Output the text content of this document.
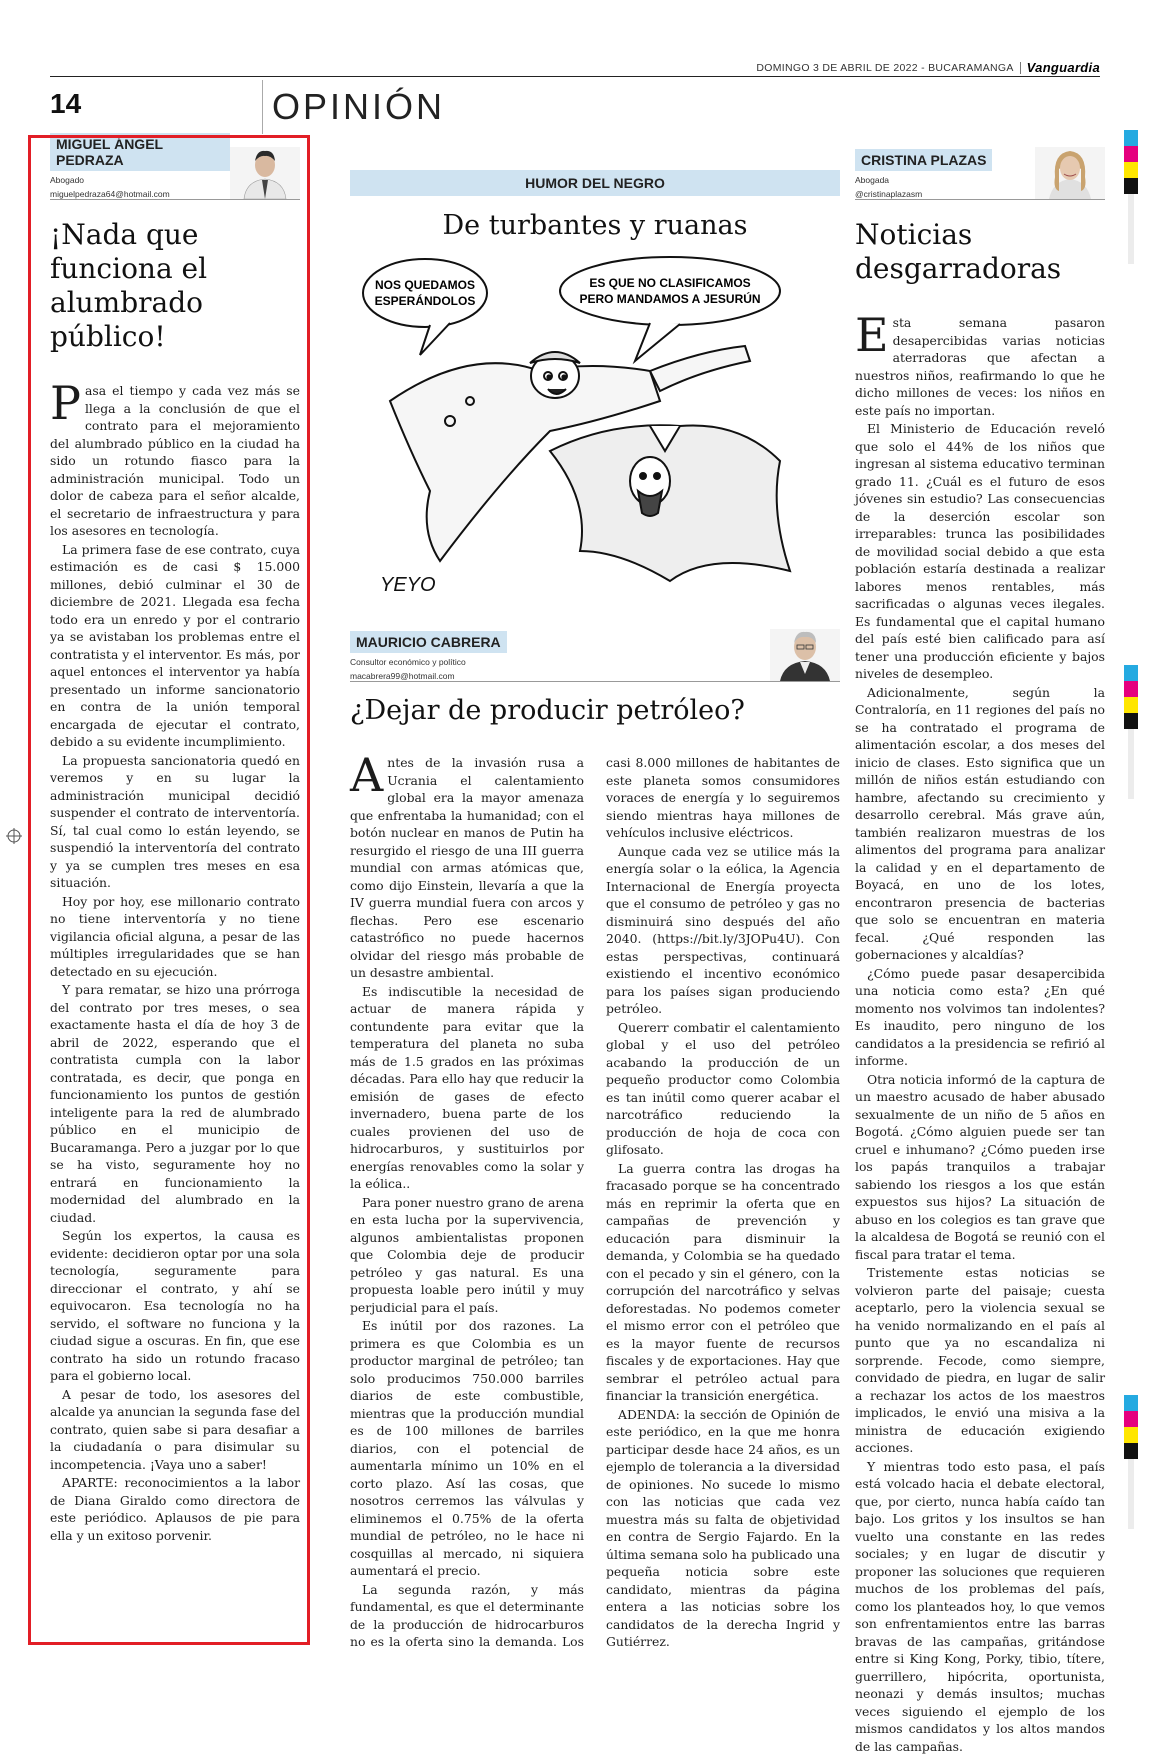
DOMINGO 3 DE ABRIL DE 2022 - BUCARAMANGA Vanguardia
14	OPINIÓN
MIGUEL ÁNGEL PEDRAZA
Abogado
miguelpedraza64@hotmail.com
¡Nada que funciona el alumbrado público!

Pasa el tiempo y cada vez más se llega a la conclusión de que el contrato para el mejoramiento del alumbrado público en la ciudad ha sido un rotundo fiasco para la administración municipal. Todo un dolor de cabeza para el señor alcalde, el secretario de infraestructura y para los asesores en tecnología.

La primera fase de ese contrato, cuya estimación es de casi $ 15.000 millones, debió culminar el 30 de diciembre de 2021. Llegada esa fecha todo era un enredo y por el contrario ya se avistaban los problemas entre el contratista y el interventor. Es más, por aquel entonces el interventor ya había presentado un informe sancionatorio en contra de la unión temporal encargada de ejecutar el contrato, debido a su evidente incumplimiento.

La propuesta sancionatoria quedó en veremos y en su lugar la administración municipal decidió suspender el contrato de interventoría. Sí, tal cual como lo están leyendo, se suspendió la interventoría del contrato y ya se cumplen tres meses en esa situación.

Hoy por hoy, ese millonario contrato no tiene interventoría y no tiene vigilancia oficial alguna, a pesar de las múltiples irregularidades que se han detectado en su ejecución.

Y para rematar, se hizo una prórroga del contrato por tres meses, o sea exactamente hasta el día de hoy 3 de abril de 2022, esperando que el contratista cumpla con la labor contratada, es decir, que ponga en funcionamiento los puntos de gestión inteligente para la red de alumbrado público en el municipio de Bucaramanga. Pero a juzgar por lo que se ha visto, seguramente hoy no entrará en funcionamiento la modernidad del alumbrado en la ciudad.

Según los expertos, la causa es evidente: decidieron optar por una sola tecnología, seguramente para direccionar el contrato, y ahí se equivocaron. Esa tecnología no ha servido, el software no funciona y la ciudad sigue a oscuras. En fin, que ese contrato ha sido un rotundo fracaso para el gobierno local.

A pesar de todo, los asesores del alcalde ya anuncian la segunda fase del contrato, quien sabe si para desafiar a la ciudadanía o para disimular su incompetencia. ¡Vaya uno a saber!

APARTE: reconocimientos a la labor de Diana Giraldo como directora de este periódico. Aplausos de pie para ella y un exitoso porvenir.

HUMOR DEL NEGRO
De turbantes y ruanas
NOS QUEDAMOS
ESPERÁNDOLOS
ES QUE NO CLASIFICAMOS
PERO MANDAMOS A JESURÚN
YEYO
MAURICIO CABRERA
Consultor económico y político
macabrera99@hotmail.com
¿Dejar de producir petróleo?

Antes de la invasión rusa a Ucrania el calentamiento global era la mayor amenaza que enfrentaba la humanidad; con el botón nuclear en manos de Putin ha resurgido el riesgo de una III guerra mundial con armas atómicas que, como dijo Einstein, llevaría a que la IV guerra mundial fuera con arcos y flechas. Pero ese escenario catastrófico no puede hacernos olvidar del riesgo más probable de un desastre ambiental.

Es indiscutible la necesidad de actuar de manera rápida y contundente para evitar que la temperatura del planeta no suba más de 1.5 grados en las próximas décadas. Para ello hay que reducir la emisión de gases de efecto invernadero, buena parte de los cuales provienen del uso de hidrocarburos, y sustituirlos por energías renovables como la solar y la eólica..

Para poner nuestro grano de arena en esta lucha por la supervivencia, algunos ambientalistas proponen que Colombia deje de producir petróleo y gas natural. Es una propuesta loable pero inútil y muy perjudicial para el país.

Es inútil por dos razones. La primera es que Colombia es un productor marginal de petróleo; tan solo producimos 750.000 barriles diarios de este combustible, mientras que la producción mundial es de 100 millones de barriles diarios, con el potencial de aumentarla mínimo un 10% en el corto plazo. Así las cosas, que nosotros cerremos las válvulas y eliminemos el 0.75% de la oferta mundial de petróleo, no le hace ni cosquillas al mercado, ni siquiera aumentará el precio.

La segunda razón, y más fundamental, es que el determinante de la producción de hidrocarburos no es la oferta sino la demanda. Los casi 8.000 millones de habitantes de este planeta somos consumidores voraces de energía y lo seguiremos siendo mientras haya millones de vehículos inclusive eléctricos.

Aunque cada vez se utilice más la energía solar o la eólica, la Agencia Internacional de Energía proyecta que el consumo de petróleo y gas no disminuirá sino después del año 2040. (https://bit.ly/3JOPu4U). Con estas perspectivas, continuará existiendo el incentivo económico para los países sigan produciendo petróleo.

Quererr combatir el calentamiento global y el uso del petróleo acabando la producción de un pequeño productor como Colombia es tan inútil como querer acabar el narcotráfico reduciendo la producción de hoja de coca con glifosato.

La guerra contra las drogas ha fracasado porque se ha concentrado más en reprimir la oferta que en campañas de prevención y educación para disminuir la demanda, y Colombia se ha quedado con el pecado y sin el género, con la corrupción del narcotráfico y selvas deforestadas. No podemos cometer el mismo error con el petróleo que es la mayor fuente de recursos fiscales y de exportaciones. Hay que sembrar el petróleo actual para financiar la transición energética.

ADENDA: la sección de Opinión de este periódico, en la que me honra participar desde hace 24 años, es un ejemplo de tolerancia a la diversidad de opiniones. No sucede lo mismo con las noticias que cada vez muestra más su falta de objetividad en contra de Sergio Fajardo. En la última semana solo ha publicado una pequeña noticia sobre este candidato, mientras da página entera a las noticias sobre los candidatos de la derecha Ingrid y Gutiérrez.

CRISTINA PLAZAS
Abogada
@cristinaplazasm
Noticias desgarradoras

Esta semana pasaron desapercibidas varias noticias aterradoras que afectan a nuestros niños, reafirmando lo que he dicho millones de veces: los niños en este país no importan.

El Ministerio de Educación reveló que solo el 44% de los niños que ingresan al sistema educativo terminan grado 11. ¿Cuál es el futuro de esos jóvenes sin estudio? Las consecuencias de la deserción escolar son irreparables: trunca las posibilidades de movilidad social debido a que esta población estaría destinada a realizar labores menos rentables, más sacrificadas o algunas veces ilegales. Es fundamental que el capital humano del país esté bien calificado para así tener una producción eficiente y bajos niveles de desempleo.

Adicionalmente, según la Contraloría, en 11 regiones del país no se ha contratado el programa de alimentación escolar, a dos meses del inicio de clases. Esto significa que un millón de niños están estudiando con hambre, afectando su crecimiento y desarrollo cerebral. Más grave aún, también realizaron muestras de los alimentos del programa para analizar la calidad y en el departamento de Boyacá, en uno de los lotes, encontraron presencia de bacterias que solo se encuentran en materia fecal. ¿Qué responden las gobernaciones y alcaldías?

¿Cómo puede pasar desapercibida una noticia como esta? ¿En qué momento nos volvimos tan indolentes? Es inaudito, pero ninguno de los candidatos a la presidencia se refirió al informe.

Otra noticia informó de la captura de un maestro acusado de haber abusado sexualmente de un niño de 5 años en Bogotá. ¿Cómo alguien puede ser tan cruel e inhumano? ¿Cómo pueden irse los papás tranquilos a trabajar sabiendo los riesgos a los que están expuestos sus hijos? La situación de abuso en los colegios es tan grave que la alcaldesa de Bogotá se reunió con el fiscal para tratar el tema.

Tristemente estas noticias se volvieron parte del paisaje; cuesta aceptarlo, pero la violencia sexual se ha venido normalizando en el país al punto que ya no escandaliza ni sorprende. Fecode, como siempre, convidado de piedra, en lugar de salir a rechazar los actos de los maestros implicados, le envió una misiva a la ministra de educación exigiendo acciones.

Y mientras todo esto pasa, el país está volcado hacia el debate electoral, que, por cierto, nunca había caído tan bajo. Los gritos y los insultos se han vuelto una constante en las redes sociales; y en lugar de discutir y proponer las soluciones que requieren muchos de los problemas del país, como los planteados hoy, lo que vemos son enfrentamientos entre las barras bravas de las campañas, gritándose entre si King Kong, Porky, tibio, títere, guerrillero, hipócrita, oportunista, neonazi y demás insultos; muchas veces siguiendo el ejemplo de los mismos candidatos y los altos mandos de las campañas.
